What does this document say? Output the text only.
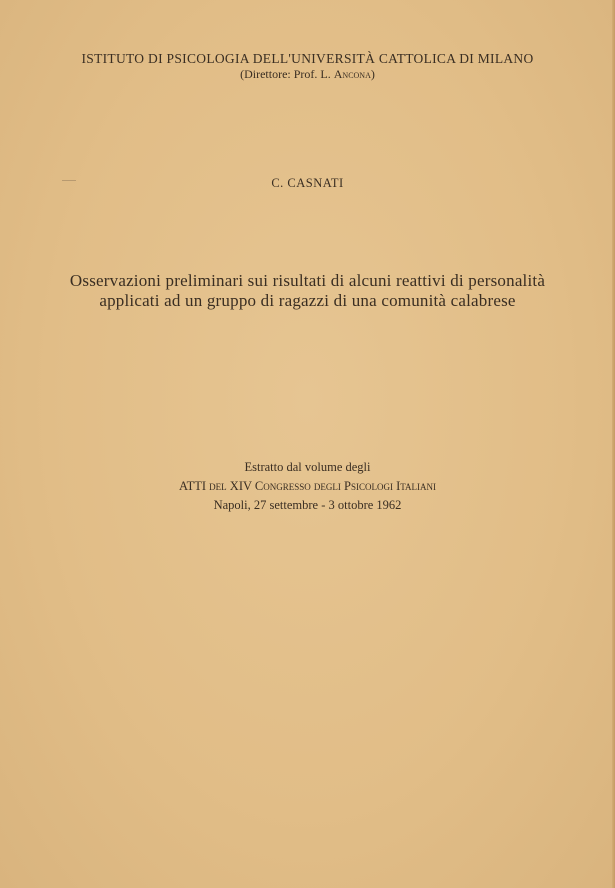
ISTITUTO DI PSICOLOGIA DELL'UNIVERSITÀ CATTOLICA DI MILANO
(Direttore: Prof. L. Ancona)
C. CASNATI
Osservazioni preliminari sui risultati di alcuni reattivi di personalità
applicati ad un gruppo di ragazzi di una comunità calabrese
Estratto dal volume degli
ATTI del XIV Congresso degli Psicologi Italiani
Napoli, 27 settembre - 3 ottobre 1962
